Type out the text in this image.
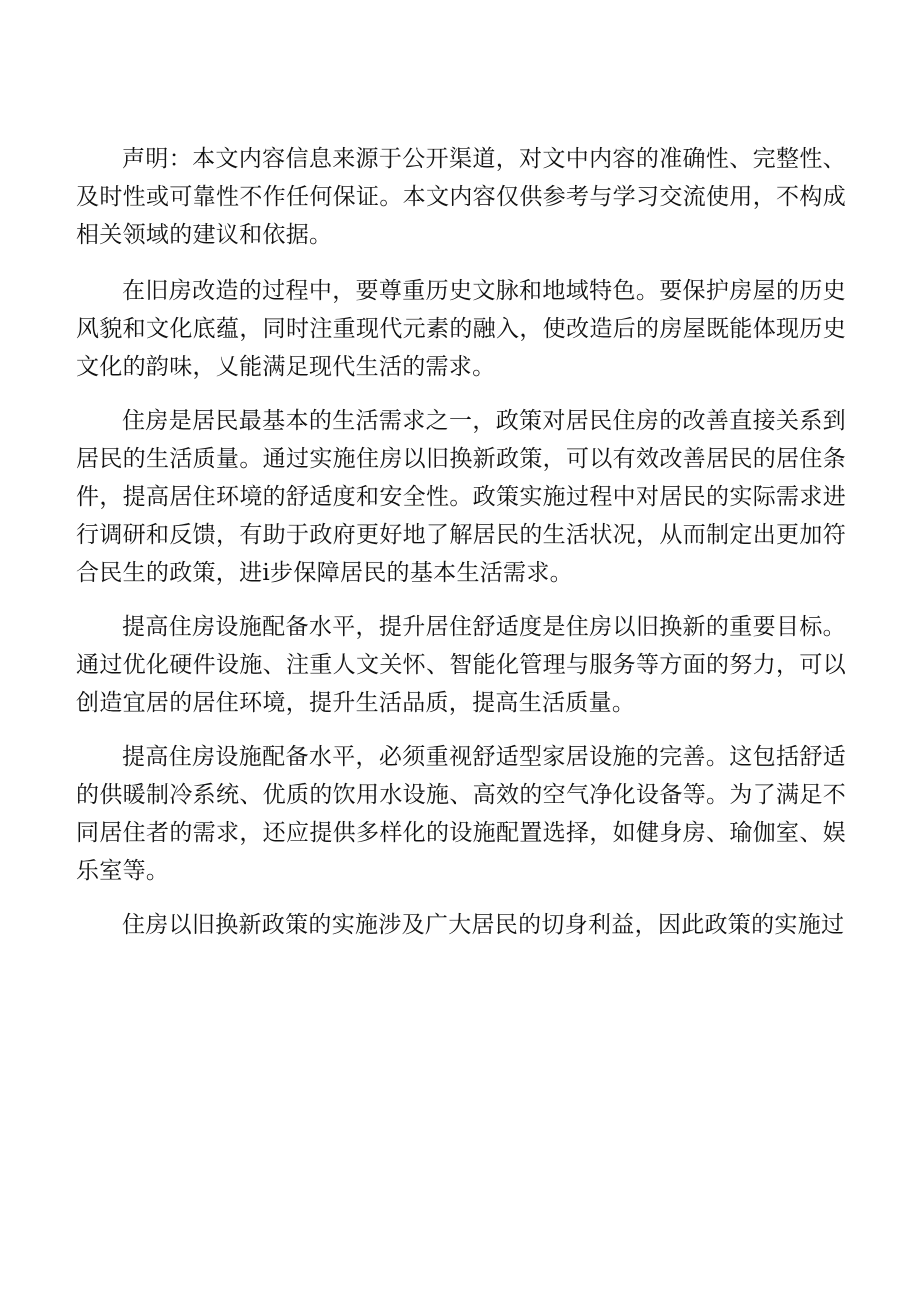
声明：本文内容信息来源于公开渠道，对文中内容的准确性、完整性、及时性或可靠性不作任何保证。本文内容仅供参考与学习交流使用，不构成相关领域的建议和依据。

在旧房改造的过程中，要尊重历史文脉和地域特色。要保护房屋的历史风貌和文化底蕴，同时注重现代元素的融入，使改造后的房屋既能体现历史文化的韵味，乂能满足现代生活的需求。

住房是居民最基本的生活需求之一，政策对居民住房的改善直接关系到居民的生活质量。通过实施住房以旧换新政策，可以有效改善居民的居住条件，提高居住环境的舒适度和安全性。政策实施过程中对居民的实际需求进行调研和反馈，有助于政府更好地了解居民的生活状况，从而制定出更加符合民生的政策，进i步保障居民的基本生活需求。

提高住房设施配备水平，提升居住舒适度是住房以旧换新的重要目标。通过优化硬件设施、注重人文关怀、智能化管理与服务等方面的努力，可以创造宜居的居住环境，提升生活品质，提高生活质量。

提高住房设施配备水平，必须重视舒适型家居设施的完善。这包括舒适的供暖制冷系统、优质的饮用水设施、高效的空气净化设备等。为了满足不同居住者的需求，还应提供多样化的设施配置选择，如健身房、瑜伽室、娱乐室等。

住房以旧换新政策的实施涉及广大居民的切身利益，因此政策的实施过
